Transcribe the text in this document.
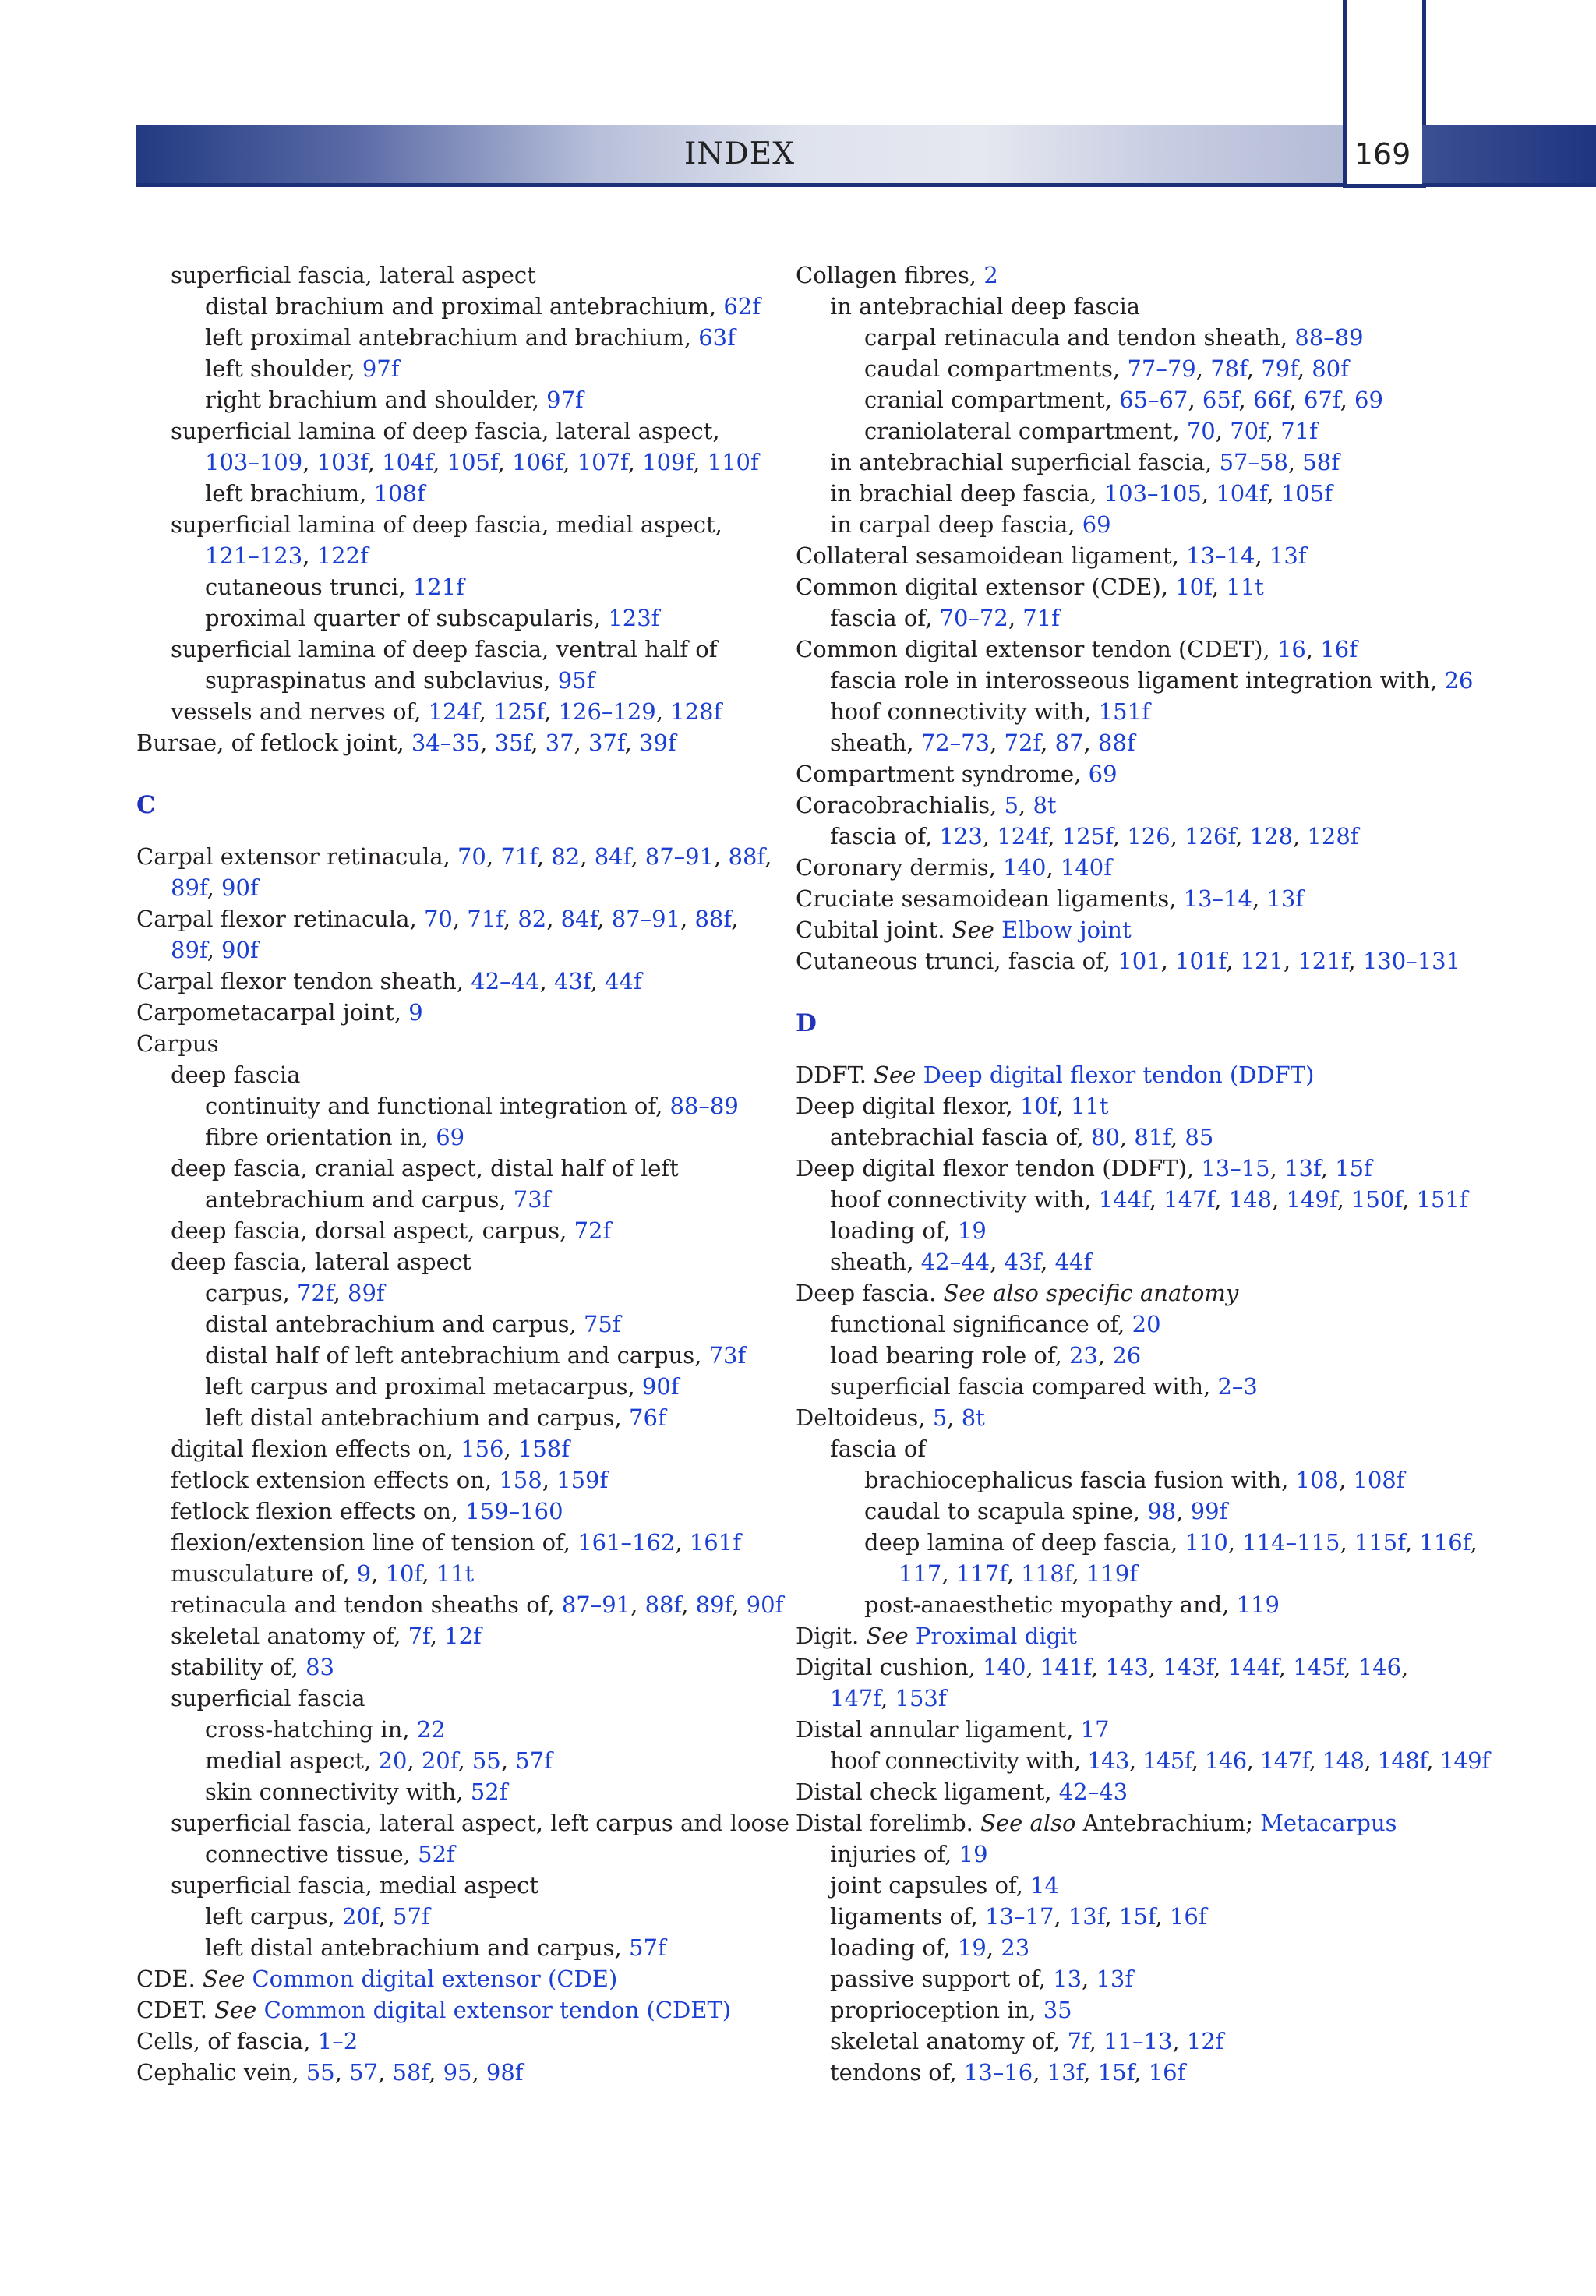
INDEX	169
superficial fascia, lateral aspect
distal brachium and proximal antebrachium, 62f
left proximal antebrachium and brachium, 63f
left shoulder, 97f
right brachium and shoulder, 97f
superficial lamina of deep fascia, lateral aspect,
103–109, 103f, 104f, 105f, 106f, 107f, 109f, 110f
left brachium, 108f
superficial lamina of deep fascia, medial aspect,
121–123, 122f
cutaneous trunci, 121f
proximal quarter of subscapularis, 123f
superficial lamina of deep fascia, ventral half of
supraspinatus and subclavius, 95f
vessels and nerves of, 124f, 125f, 126–129, 128f
Bursae, of fetlock joint, 34–35, 35f, 37, 37f, 39f
C
Carpal extensor retinacula, 70, 71f, 82, 84f, 87–91, 88f,
89f, 90f
Carpal flexor retinacula, 70, 71f, 82, 84f, 87–91, 88f,
89f, 90f
Carpal flexor tendon sheath, 42–44, 43f, 44f
Carpometacarpal joint, 9
Carpus
deep fascia
continuity and functional integration of, 88–89
fibre orientation in, 69
deep fascia, cranial aspect, distal half of left
antebrachium and carpus, 73f
deep fascia, dorsal aspect, carpus, 72f
deep fascia, lateral aspect
carpus, 72f, 89f
distal antebrachium and carpus, 75f
distal half of left antebrachium and carpus, 73f
left carpus and proximal metacarpus, 90f
left distal antebrachium and carpus, 76f
digital flexion effects on, 156, 158f
fetlock extension effects on, 158, 159f
fetlock flexion effects on, 159–160
flexion/extension line of tension of, 161–162, 161f
musculature of, 9, 10f, 11t
retinacula and tendon sheaths of, 87–91, 88f, 89f, 90f
skeletal anatomy of, 7f, 12f
stability of, 83
superficial fascia
cross-hatching in, 22
medial aspect, 20, 20f, 55, 57f
skin connectivity with, 52f
superficial fascia, lateral aspect, left carpus and loose
connective tissue, 52f
superficial fascia, medial aspect
left carpus, 20f, 57f
left distal antebrachium and carpus, 57f
CDE. See Common digital extensor (CDE)
CDET. See Common digital extensor tendon (CDET)
Cells, of fascia, 1–2
Cephalic vein, 55, 57, 58f, 95, 98f
Collagen fibres, 2
in antebrachial deep fascia
carpal retinacula and tendon sheath, 88–89
caudal compartments, 77–79, 78f, 79f, 80f
cranial compartment, 65–67, 65f, 66f, 67f, 69
craniolateral compartment, 70, 70f, 71f
in antebrachial superficial fascia, 57–58, 58f
in brachial deep fascia, 103–105, 104f, 105f
in carpal deep fascia, 69
Collateral sesamoidean ligament, 13–14, 13f
Common digital extensor (CDE), 10f, 11t
fascia of, 70–72, 71f
Common digital extensor tendon (CDET), 16, 16f
fascia role in interosseous ligament integration with, 26
hoof connectivity with, 151f
sheath, 72–73, 72f, 87, 88f
Compartment syndrome, 69
Coracobrachialis, 5, 8t
fascia of, 123, 124f, 125f, 126, 126f, 128, 128f
Coronary dermis, 140, 140f
Cruciate sesamoidean ligaments, 13–14, 13f
Cubital joint. See Elbow joint
Cutaneous trunci, fascia of, 101, 101f, 121, 121f, 130–131
D
DDFT. See Deep digital flexor tendon (DDFT)
Deep digital flexor, 10f, 11t
antebrachial fascia of, 80, 81f, 85
Deep digital flexor tendon (DDFT), 13–15, 13f, 15f
hoof connectivity with, 144f, 147f, 148, 149f, 150f, 151f
loading of, 19
sheath, 42–44, 43f, 44f
Deep fascia. See also specific anatomy
functional significance of, 20
load bearing role of, 23, 26
superficial fascia compared with, 2–3
Deltoideus, 5, 8t
fascia of
brachiocephalicus fascia fusion with, 108, 108f
caudal to scapula spine, 98, 99f
deep lamina of deep fascia, 110, 114–115, 115f, 116f,
117, 117f, 118f, 119f
post-anaesthetic myopathy and, 119
Digit. See Proximal digit
Digital cushion, 140, 141f, 143, 143f, 144f, 145f, 146,
147f, 153f
Distal annular ligament, 17
hoof connectivity with, 143, 145f, 146, 147f, 148, 148f, 149f
Distal check ligament, 42–43
Distal forelimb. See also Antebrachium; Metacarpus
injuries of, 19
joint capsules of, 14
ligaments of, 13–17, 13f, 15f, 16f
loading of, 19, 23
passive support of, 13, 13f
proprioception in, 35
skeletal anatomy of, 7f, 11–13, 12f
tendons of, 13–16, 13f, 15f, 16f
